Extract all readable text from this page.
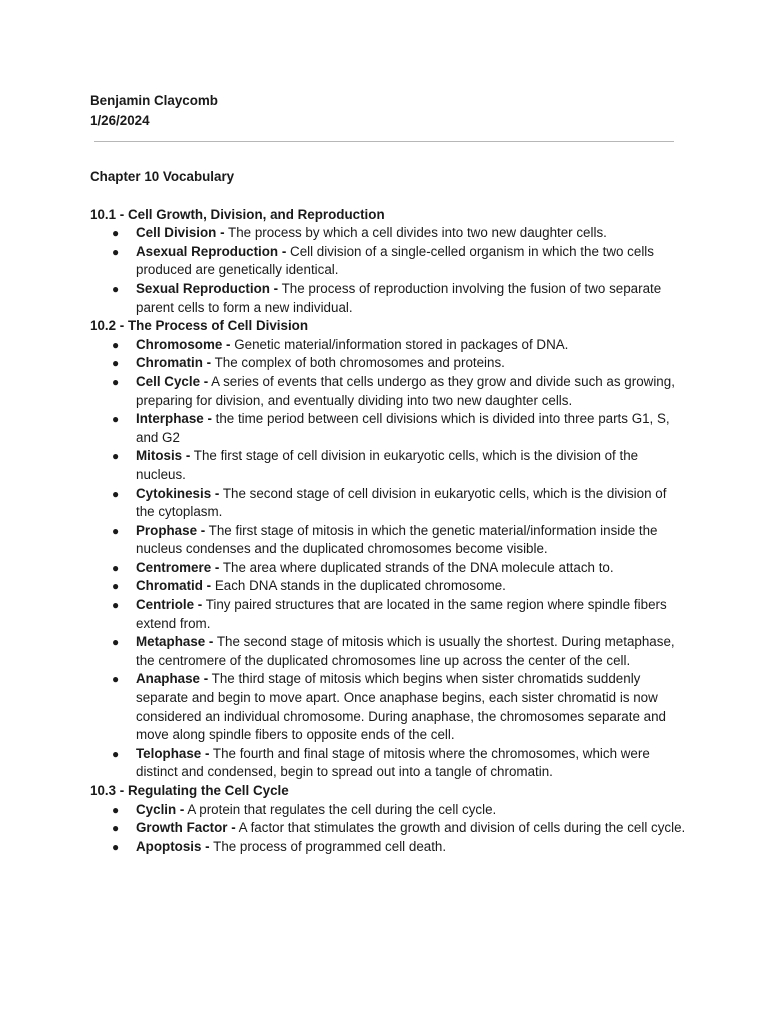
Benjamin Claycomb
1/26/2024
Chapter 10 Vocabulary
10.1 - Cell Growth, Division, and Reproduction
● Cell Division - The process by which a cell divides into two new daughter cells.
● Asexual Reproduction - Cell division of a single-celled organism in which the two cells produced are genetically identical.
● Sexual Reproduction - The process of reproduction involving the fusion of two separate parent cells to form a new individual.
10.2 - The Process of Cell Division
● Chromosome - Genetic material/information stored in packages of DNA.
● Chromatin - The complex of both chromosomes and proteins.
● Cell Cycle - A series of events that cells undergo as they grow and divide such as growing, preparing for division, and eventually dividing into two new daughter cells.
● Interphase - the time period between cell divisions which is divided into three parts G1, S, and G2
● Mitosis - The first stage of cell division in eukaryotic cells, which is the division of the nucleus.
● Cytokinesis - The second stage of cell division in eukaryotic cells, which is the division of the cytoplasm.
● Prophase - The first stage of mitosis in which the genetic material/information inside the nucleus condenses and the duplicated chromosomes become visible.
● Centromere - The area where duplicated strands of the DNA molecule attach to.
● Chromatid - Each DNA stands in the duplicated chromosome.
● Centriole - Tiny paired structures that are located in the same region where spindle fibers extend from.
● Metaphase - The second stage of mitosis which is usually the shortest. During metaphase, the centromere of the duplicated chromosomes line up across the center of the cell.
● Anaphase - The third stage of mitosis which begins when sister chromatids suddenly separate and begin to move apart. Once anaphase begins, each sister chromatid is now considered an individual chromosome. During anaphase, the chromosomes separate and move along spindle fibers to opposite ends of the cell.
● Telophase - The fourth and final stage of mitosis where the chromosomes, which were distinct and condensed, begin to spread out into a tangle of chromatin.
10.3 - Regulating the Cell Cycle
● Cyclin - A protein that regulates the cell during the cell cycle.
● Growth Factor - A factor that stimulates the growth and division of cells during the cell cycle.
● Apoptosis - The process of programmed cell death.
